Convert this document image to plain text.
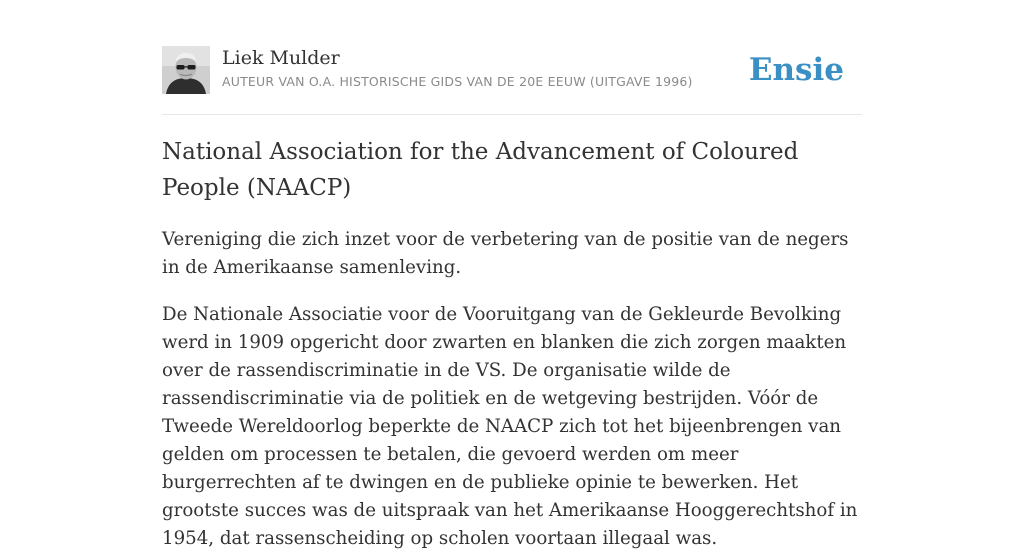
Liek Mulder
AUTEUR VAN O.A. HISTORISCHE GIDS VAN DE 20E EEUW (UITGAVE 1996) Ensie
National Association for the Advancement of Coloured People (NAACP)

Vereniging die zich inzet voor de verbetering van de positie van de negers in de Amerikaanse samenleving.

De Nationale Associatie voor de Vooruitgang van de Gekleurde Bevolking werd in 1909 opgericht door zwarten en blanken die zich zorgen maakten over de rassendiscriminatie in de VS. De organisatie wilde de rassendiscriminatie via de politiek en de wetgeving bestrijden. Vóór de Tweede Wereldoorlog beperkte de NAACP zich tot het bijeenbrengen van gelden om processen te betalen, die gevoerd werden om meer burgerrechten af te dwingen en de publieke opinie te bewerken. Het grootste succes was de uitspraak van het Amerikaanse Hooggerechtshof in 1954, dat rassenscheiding op scholen voortaan illegaal was.
